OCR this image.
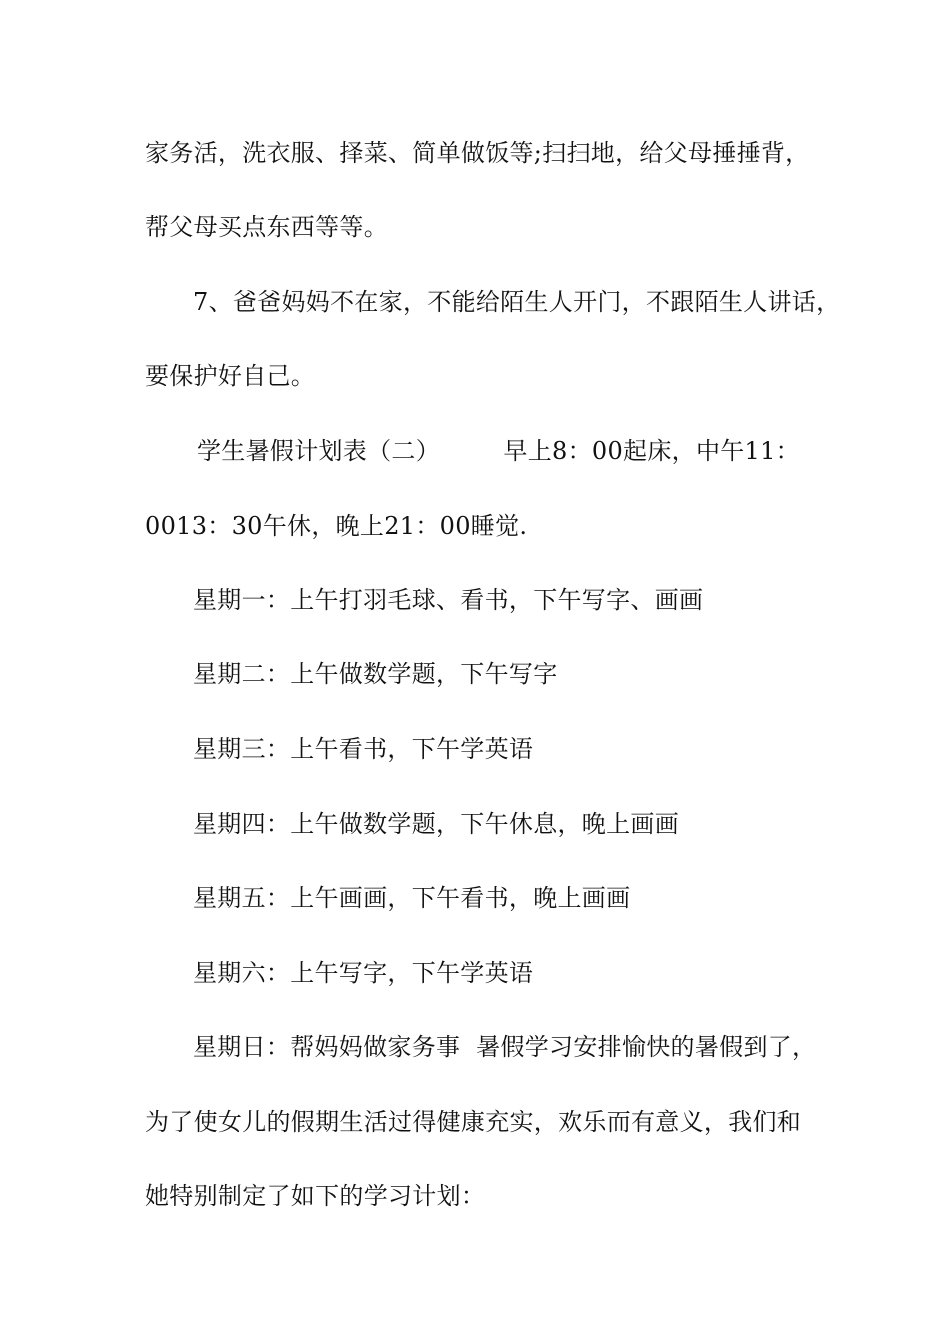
家务活，洗衣服、择菜、简单做饭等;扫扫地，给父母捶捶背，
帮父母买点东西等等。
7、爸爸妈妈不在家，不能给陌生人开门，不跟陌生人讲话，
要保护好自己。
学生暑假计划表（二）        早上8：00起床，中午11：
0013：30午休，晚上21：00睡觉.
星期一：上午打羽毛球、看书，下午写字、画画
星期二：上午做数学题，下午写字
星期三：上午看书，下午学英语
星期四：上午做数学题，下午休息，晚上画画
星期五：上午画画，下午看书，晚上画画
星期六：上午写字，下午学英语
星期日：帮妈妈做家务事  暑假学习安排愉快的暑假到了，
为了使女儿的假期生活过得健康充实，欢乐而有意义，我们和
她特别制定了如下的学习计划：
